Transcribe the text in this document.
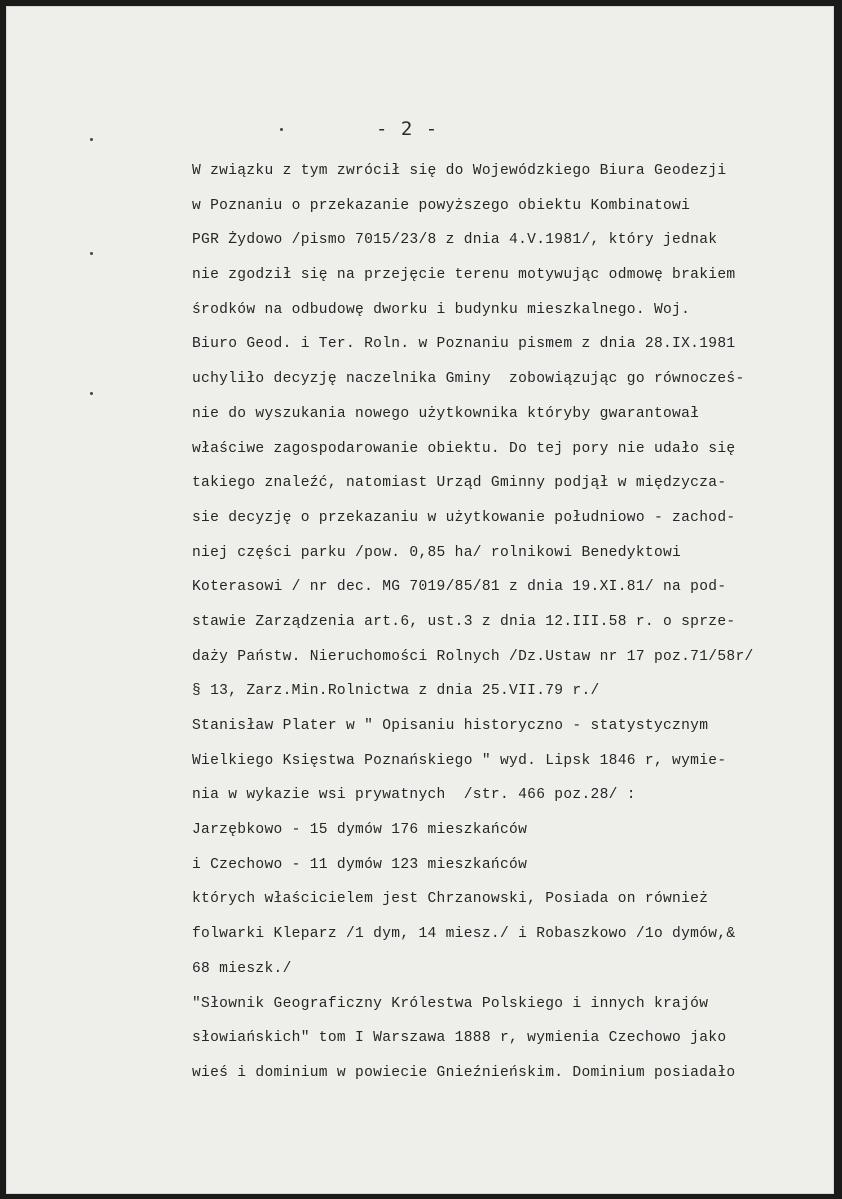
- 2 -
W związku z tym zwrócił się do Wojewódzkiego Biura Geodezji
w Poznaniu o przekazanie powyższego obiektu Kombinatowi
PGR Żydowo /pismo 7015/23/8 z dnia 4.V.1981/, który jednak
nie zgodził się na przejęcie terenu motywując odmowę brakiem
środków na odbudowę dworku i budynku mieszkalnego. Woj.
Biuro Geod. i Ter. Roln. w Poznaniu pismem z dnia 28.IX.1981
uchyliło decyzję naczelnika Gminy  zobowiązując go równocześ-
nie do wyszukania nowego użytkownika któryby gwarantował
właściwe zagospodarowanie obiektu. Do tej pory nie udało się
takiego znaleźć, natomiast Urząd Gminny podjął w międzycza-
sie decyzję o przekazaniu w użytkowanie południowo - zachod-
niej części parku /pow. 0,85 ha/ rolnikowi Benedyktowi
Koterasowi / nr dec. MG 7019/85/81 z dnia 19.XI.81/ na pod-
stawie Zarządzenia art.6, ust.3 z dnia 12.III.58 r. o sprze-
daży Państw. Nieruchomości Rolnych /Dz.Ustaw nr 17 poz.71/58r/
§ 13, Zarz.Min.Rolnictwa z dnia 25.VII.79 r./
Stanisław Plater w " Opisaniu historyczno - statystycznym
Wielkiego Księstwa Poznańskiego " wyd. Lipsk 1846 r, wymie-
nia w wykazie wsi prywatnych  /str. 466 poz.28/ :
Jarzębkowo - 15 dymów 176 mieszkańców
i Czechowo - 11 dymów 123 mieszkańców
których właścicielem jest Chrzanowski, Posiada on również
folwarki Kleparz /1 dym, 14 miesz./ i Robaszkowo /1o dymów,&
68 mieszk./
"Słownik Geograficzny Królestwa Polskiego i innych krajów
słowiańskich" tom I Warszawa 1888 r, wymienia Czechowo jako
wieś i dominium w powiecie Gnieźnieńskim. Dominium posiadało
